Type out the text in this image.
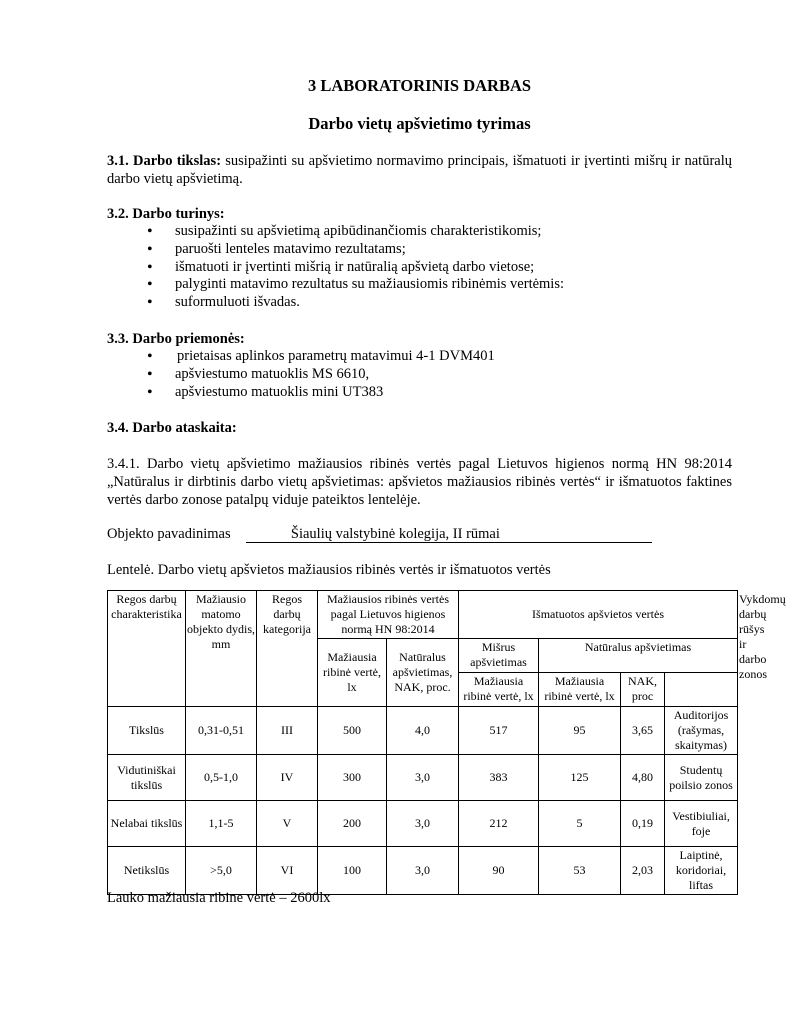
3 LABORATORINIS DARBAS
Darbo vietų apšvietimo tyrimas
3.1. Darbo tikslas: susipažinti su apšvietimo normavimo principais, išmatuoti ir įvertinti mišrų ir natūralų darbo vietų apšvietimą.
3.2. Darbo turinys:
• susipažinti su apšvietimą apibūdinančiomis charakteristikomis;
• paruošti lenteles matavimo rezultatams;
• išmatuoti ir įvertinti mišrią ir natūralią apšvietą darbo vietose;
• palyginti matavimo rezultatus su mažiausiomis ribinėmis vertėmis:
• suformuluoti išvadas.
3.3. Darbo priemonės:
• prietaisas aplinkos parametrų matavimui 4-1 DVM401
• apšviestumo matuoklis MS 6610,
• apšviestumo matuoklis mini UT383
3.4. Darbo ataskaita:
3.4.1. Darbo vietų apšvietimo mažiausios ribinės vertės pagal Lietuvos higienos normą HN 98:2014 „Natūralus ir dirbtinis darbo vietų apšvietimas: apšvietos mažiausios ribinės vertės“ ir išmatuotos faktines vertės darbo zonose patalpų viduje pateiktos lentelėje.
Objekto pavadinimas	Šiaulių valstybinė kolegija, II rūmai
Lentelė. Darbo vietų apšvietos mažiausios ribinės vertės ir išmatuotos vertės
Regos darbų charakteristika	Mažiausio matomo objekto dydis, mm	Regos darbų kategorija	Mažiausios ribinės vertės pagal Lietuvos higienos normą HN 98:2014		Išmatuotos apšvietos vertės				Vykdomų darbų rūšys ir darbo zonos
			Mažiausia ribinė vertė, lx	Natūralus apšvietimas, NAK, proc.	Mišrus apšvietimas	Natūralus apšvietimas			
					Mažiausia ribinė vertė, lx	Mažiausia ribinė vertė, lx	NAK, proc		
Tikslūs	0,31-0,51	III	500	4,0	517	95	3,65	Auditorijos (rašymas, skaitymas)	
Vidutiniškai tikslūs	0,5-1,0	IV	300	3,0	383	125	4,80	Studentų poilsio zonos	
Nelabai tikslūs	1,1-5	V	200	3,0	212	5	0,19	Vestibiuliai, foje	
Netikslūs	>5,0	VI	100	3,0	90	53	2,03	Laiptinė, koridoriai, liftas	
Lauko mažiausia ribine vertė – 2600lx
